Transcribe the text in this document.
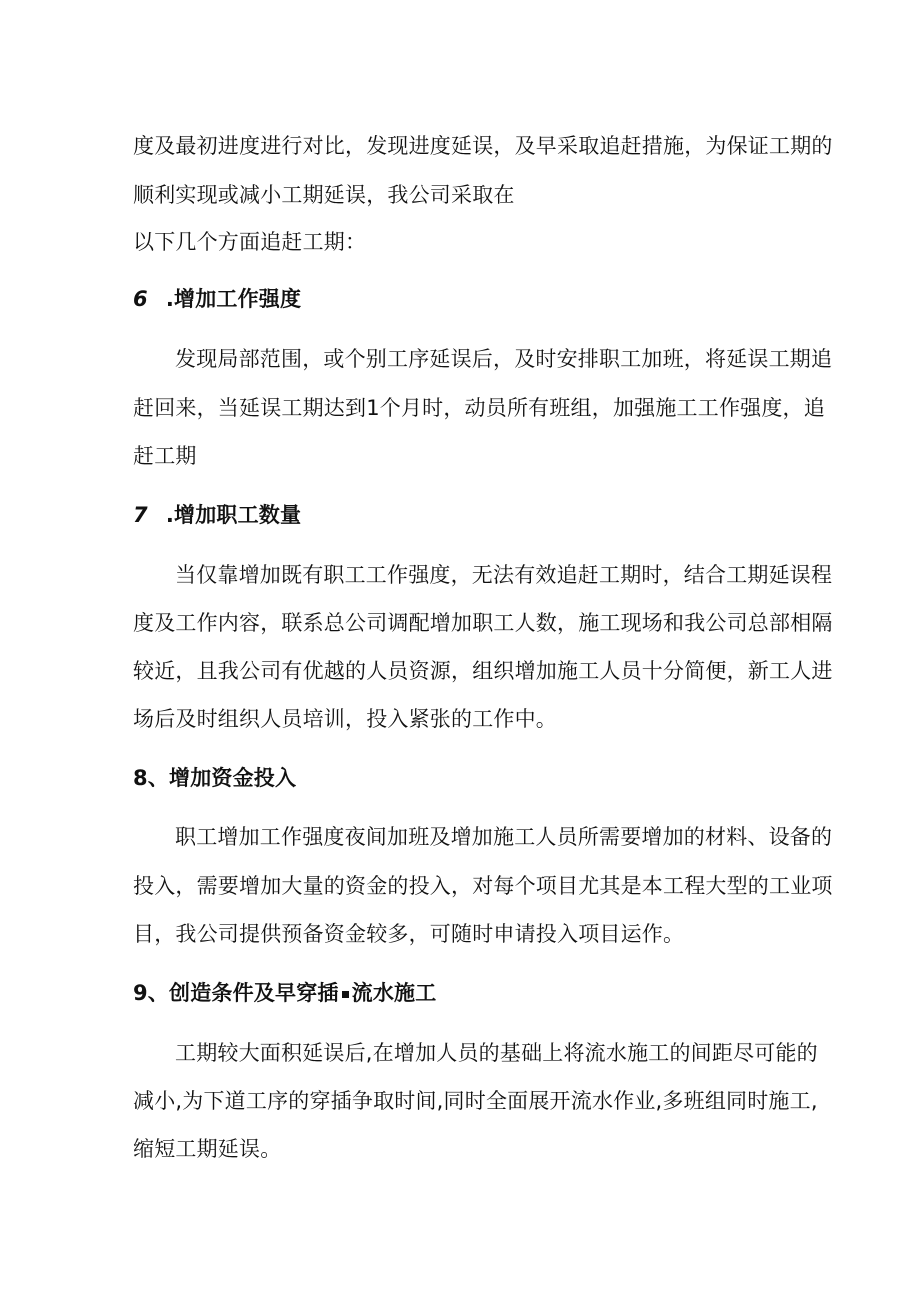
度及最初进度进行对比，发现进度延误，及早采取追赶措施，为保证工期的
顺利实现或减小工期延误，我公司采取在
以下几个方面追赶工期：
6 .增加工作强度
发现局部范围，或个别工序延误后，及时安排职工加班，将延误工期追
赶回来，当延误工期达到1个月时，动员所有班组，加强施工工作强度，追
赶工期
7 .增加职工数量
当仅靠增加既有职工工作强度，无法有效追赶工期时，结合工期延误程
度及工作内容，联系总公司调配增加职工人数，施工现场和我公司总部相隔
较近，且我公司有优越的人员资源，组织增加施工人员十分简便，新工人进
场后及时组织人员培训，投入紧张的工作中。
8、增加资金投入
职工增加工作强度夜间加班及增加施工人员所需要增加的材料、设备的
投入，需要增加大量的资金的投入，对每个项目尤其是本工程大型的工业项
目，我公司提供预备资金较多，可随时申请投入项目运作。
9、创造条件及早穿插 流水施工
工期较大面积延误后,在增加人员的基础上将流水施工的间距尽可能的
减小,为下道工序的穿插争取时间,同时全面展开流水作业,多班组同时施工,
缩短工期延误。
